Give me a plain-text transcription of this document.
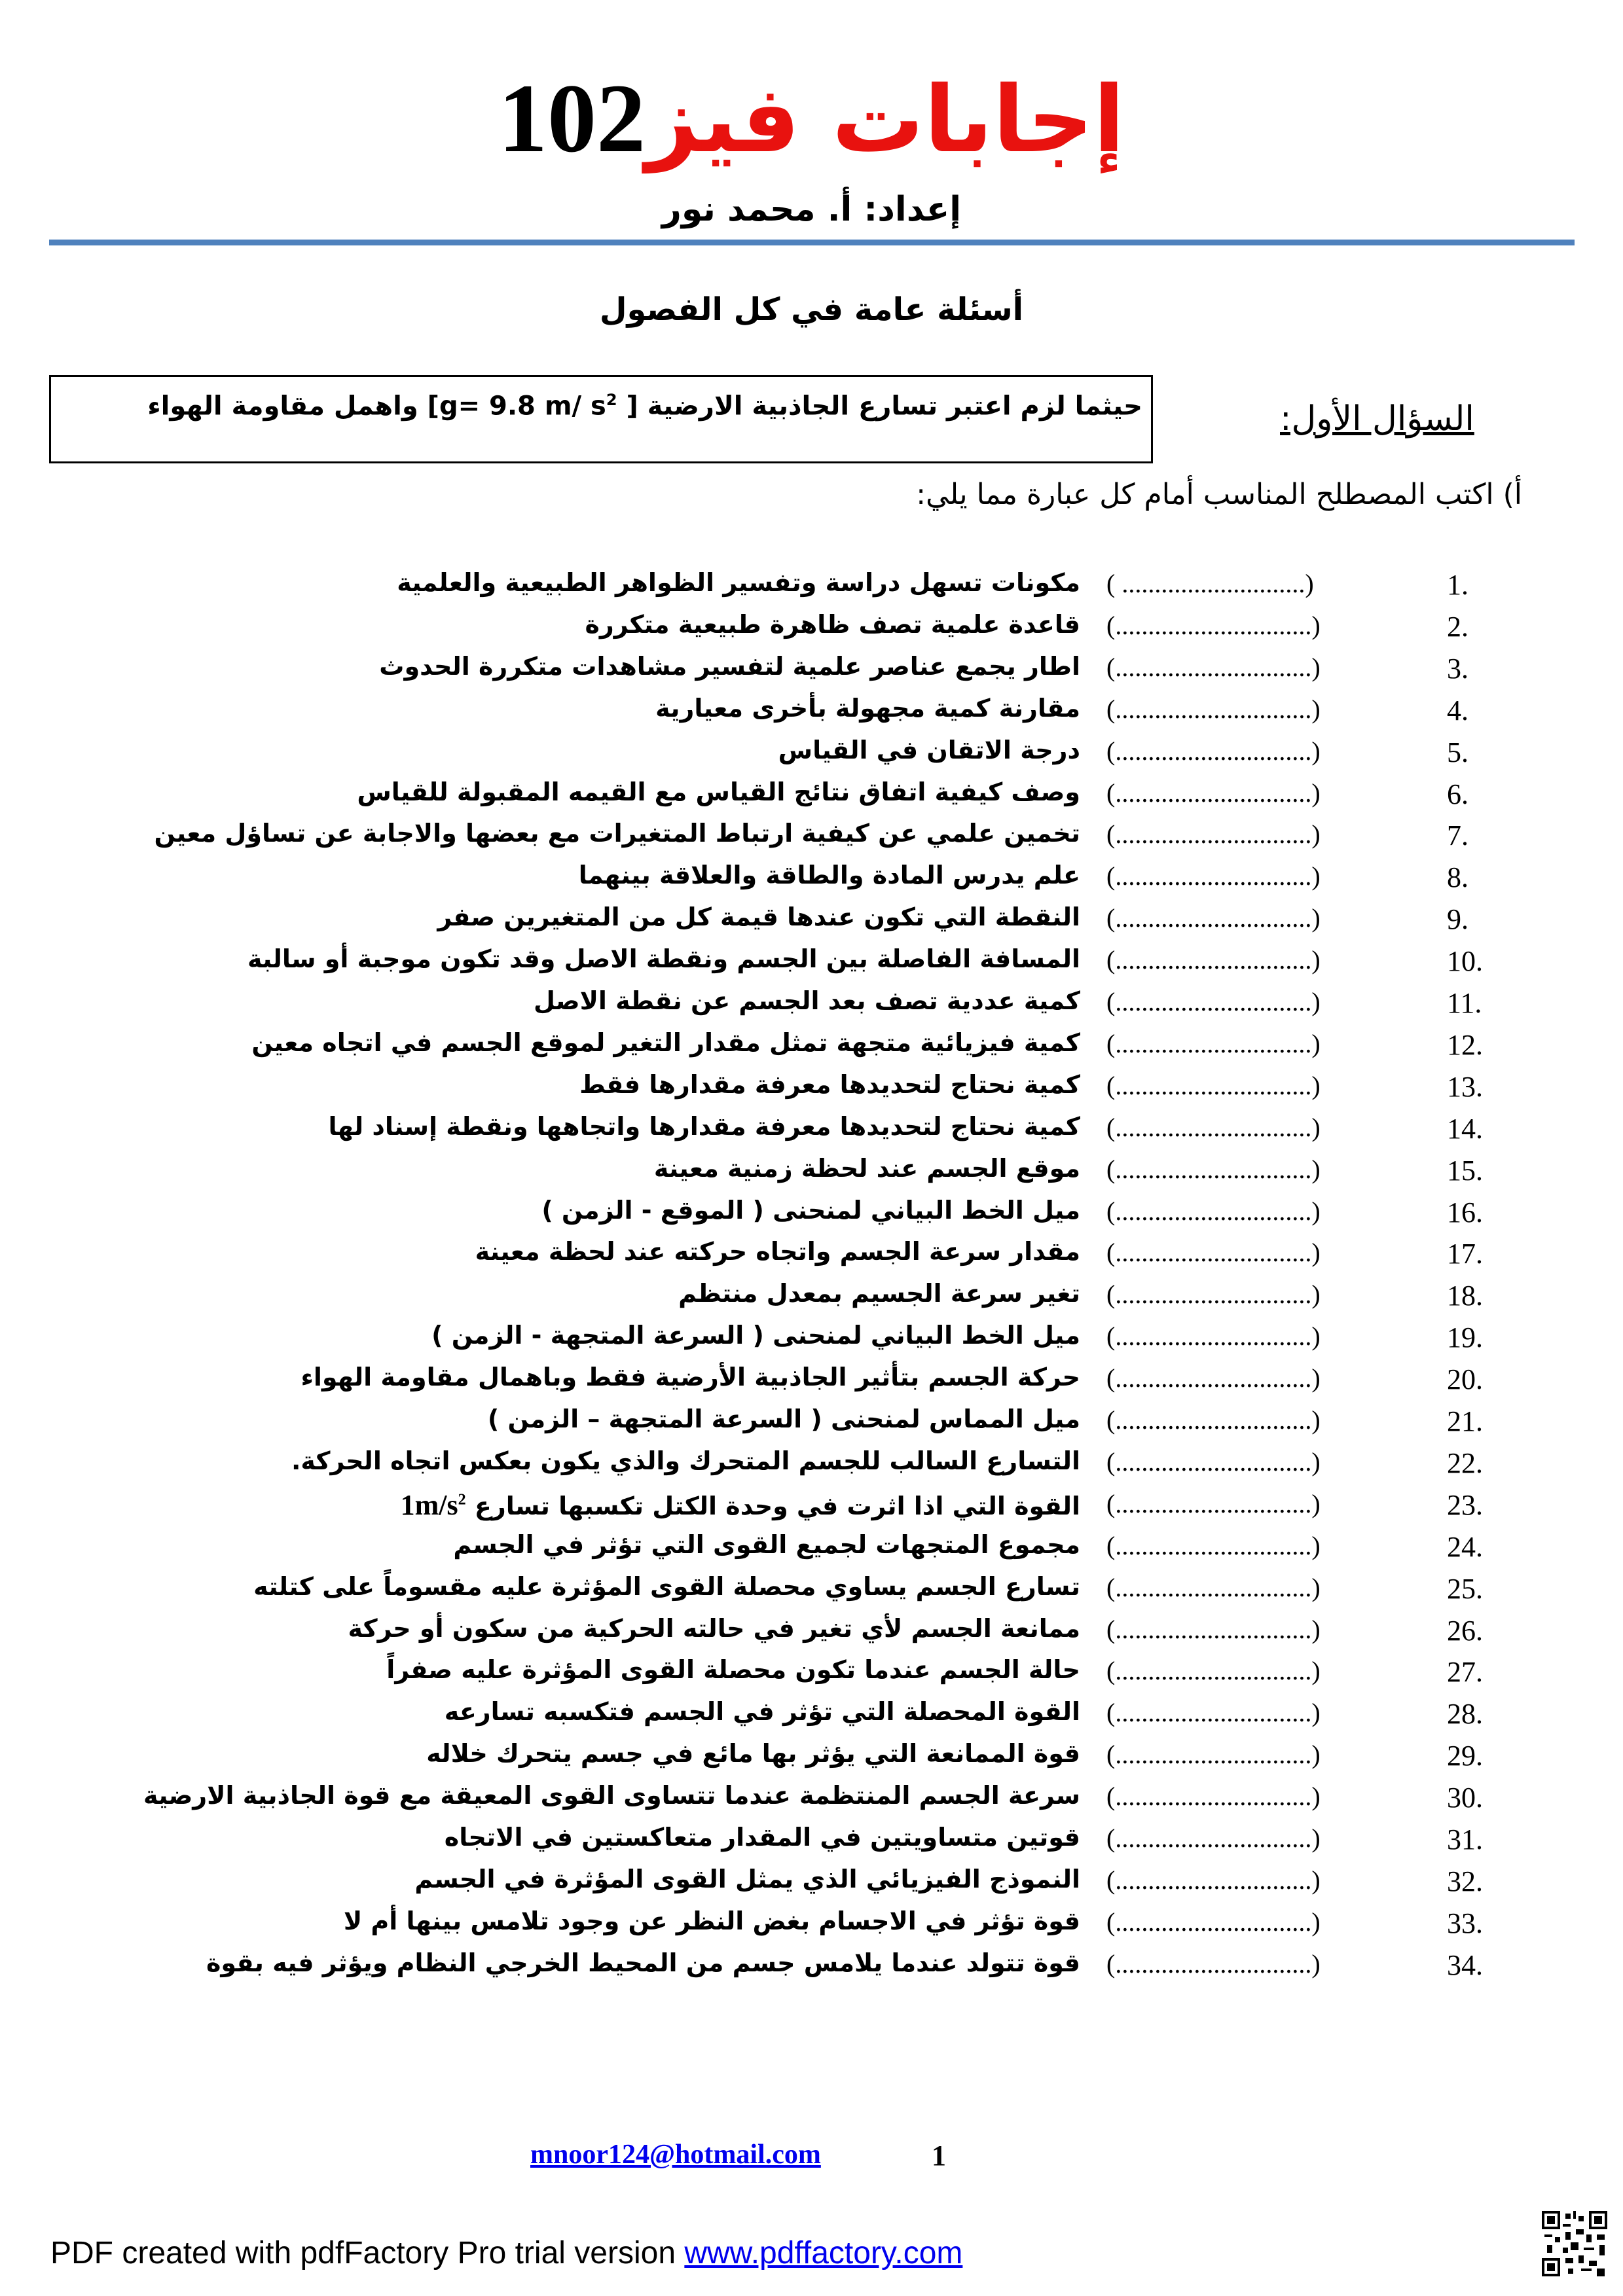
102إجابات فيز
إعداد: أ. محمد نور
أسئلة عامة في كل الفصول
السؤال الأول:
حيثما لزم اعتبر تسارع الجاذبية الارضية [ g= 9.8 m/ $s^2$] واهمل مقاومة الهواء
أ) اكتب المصطلح المناسب أمام كل عبارة مما يلي:
1.
( ............................)
مكونات تسهل دراسة وتفسير الظواهر الطبيعية والعلمية
2.
(..............................)
قاعدة علمية تصف ظاهرة طبيعية متكررة
3.
(..............................)
اطار يجمع عناصر علمية لتفسير مشاهدات متكررة الحدوث
4.
(..............................)
مقارنة كمية مجهولة بأخرى معيارية
5.
(..............................)
درجة الاتقان في القياس
6.
(..............................)
وصف كيفية اتفاق نتائج القياس مع القيمه المقبولة للقياس
7.
(..............................)
تخمين علمي عن كيفية ارتباط المتغيرات مع بعضها والاجابة عن تساؤل معين
8.
(..............................)
علم يدرس المادة والطاقة والعلاقة بينهما
9.
(..............................)
النقطة التي تكون عندها قيمة كل من المتغيرين صفر
10.
(..............................)
المسافة الفاصلة بين الجسم ونقطة الاصل وقد تكون موجبة أو سالبة
11.
(..............................)
كمية عددية تصف بعد الجسم عن نقطة الاصل
12.
(..............................)
كمية فيزيائية متجهة تمثل مقدار التغير لموقع الجسم في اتجاه معين
13.
(..............................)
كمية نحتاج لتحديدها معرفة مقدارها فقط
14.
(..............................)
كمية نحتاج لتحديدها معرفة مقدارها واتجاهها ونقطة إسناد لها
15.
(..............................)
موقع الجسم عند لحظة زمنية معينة
16.
(..............................)
ميل الخط البياني لمنحنى ( الموقع - الزمن )
17.
(..............................)
مقدار سرعة الجسم واتجاه حركته عند لحظة معينة
18.
(..............................)
تغير سرعة الجسيم بمعدل منتظم
19.
(..............................)
ميل الخط البياني لمنحنى ( السرعة المتجهة - الزمن )
20.
(..............................)
حركة الجسم بتأثير الجاذبية الأرضية فقط وباهمال مقاومة الهواء
21.
(..............................)
ميل المماس لمنحنى ( السرعة المتجهة – الزمن )
22.
(..............................)
التسارع السالب للجسم المتحرك والذي يكون بعكس اتجاه الحركة.
23.
(..............................)
القوة التي اذا اثرت في وحدة الكتل تكسبها تسارع $1m/s^2$
24.
(..............................)
مجموع المتجهات لجميع القوى التي تؤثر في الجسم
25.
(..............................)
تسارع الجسم يساوي محصلة القوى المؤثرة عليه مقسوماً على كتلته
26.
(..............................)
ممانعة الجسم لأي تغير في حالته الحركية من سكون أو حركة
27.
(..............................)
حالة الجسم عندما تكون محصلة القوى المؤثرة عليه صفراً
28.
(..............................)
القوة المحصلة التي تؤثر في الجسم فتكسبه تسارعه
29.
(..............................)
قوة الممانعة التي يؤثر بها مائع في جسم يتحرك خلاله
30.
(..............................)
سرعة الجسم المنتظمة عندما تتساوى القوى المعيقة مع قوة الجاذبية الارضية
31.
(..............................)
قوتين متساويتين في المقدار متعاكستين في الاتجاه
32.
(..............................)
النموذج الفيزيائي الذي يمثل القوى المؤثرة في الجسم
33.
(..............................)
قوة تؤثر في الاجسام بغض النظر عن وجود تلامس بينها أم لا
34.
(..............................)
قوة تتولد عندما يلامس جسم من المحيط الخرجي النظام ويؤثر فيه بقوة
mnoor124@hotmail.com	1
PDF created with pdfFactory Pro trial version www.pdffactory.com
